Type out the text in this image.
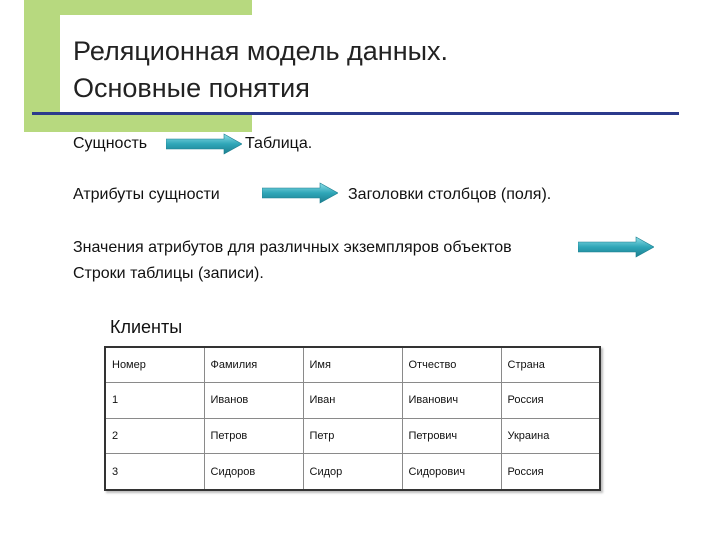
Реляционная модель данных.
Основные понятия
Сущность	Таблица.
Атрибуты сущности	Заголовки столбцов (поля).
Значения атрибутов для различных экземпляров объектов
Строки таблицы (записи).
Клиенты
Номер	Фамилия	Имя	Отчество	Страна
1	Иванов	Иван	Иванович	Россия
2	Петров	Петр	Петрович	Украина
3	Сидоров	Сидор	Сидорович	Россия
